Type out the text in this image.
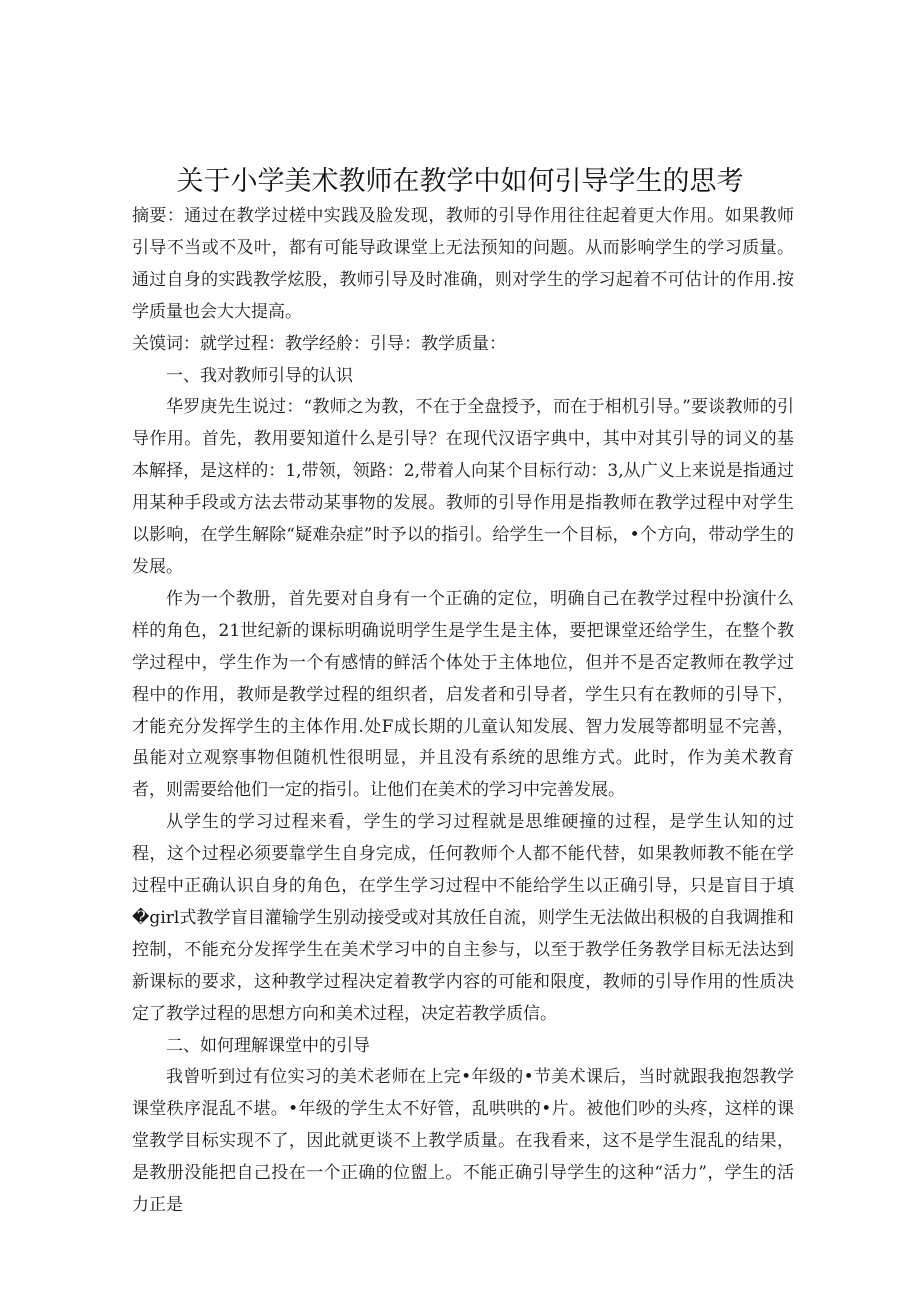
关于小学美术教师在教学中如何引导学生的思考

摘要：通过在教学过槎中实践及脸发现，教师的引导作用往往起着更大作用。如果教师引导不当或不及叶，都有可能导政课堂上无法预知的问题。从而影响学生的学习质量。通过自身的实践教学炫股，教师引导及时准确，则对学生的学习起着不可估计的作用.按学质量也会大大提高。

关馍词：就学过程：教学经舲：引导：教学质量：

一、我对教师引导的认识

华罗庚先生说过：“教师之为教，不在于全盘授予，而在于相机引导。”要谈教师的引导作用。首先，教用要知道什么是引导？在现代汉语字典中，其中对其引导的词义的基本解择，是这样的：1,带领，领路：2,带着人向某个目标行动：3,从广义上来说是指通过用某种手段或方法去带动某事物的发展。教师的引导作用是指教师在教学过程中对学生以影响，在学生解除“疑难杂症”时予以的指引。给学生一个目标，•个方向，带动学生的发展。

作为一个教册，首先要对自身有一个正确的定位，明确自己在教学过程中扮演什么样的角色，21世纪新的课标明确说明学生是学生是主体，要把课堂还给学生，在整个教学过程中，学生作为一个有感情的鲜活个体处于主体地位，但并不是否定教师在教学过程中的作用，教师是教学过程的组织者，启发者和引导者，学生只有在教师的引导下，才能充分发挥学生的主体作用.处F成长期的儿童认知发展、智力发展等都明显不完善，虽能对立观察事物但随机性很明显，并且没有系统的思维方式。此时，作为美术教育者，则需要给他们一定的指引。让他们在美术的学习中完善发展。

从学生的学习过程来看，学生的学习过程就是思维硬撞的过程，是学生认知的过程，这个过程必须要靠学生自身完成，任何教师个人都不能代替，如果教师教不能在学过程中正确认识自身的角色，在学生学习过程中不能给学生以正确引导，只是盲目于填�girl式教学盲目灌输学生别动接受或对其放任自流，则学生无法做出积极的自我调推和控制，不能充分发挥学生在美术学习中的自主参与，以至于教学任务教学目标无法达到新课标的要求，这种教学过程决定着教学内容的可能和限度，教师的引导作用的性质决定了教学过程的思想方向和美术过程，决定若教学质信。

二、如何理解课堂中的引导

我曾听到过有位实习的美术老师在上完•年级的•节美术课后，当时就跟我抱怨教学课堂秩序混乱不堪。•年级的学生太不好管，乱哄哄的•片。被他们吵的头疼，这样的课堂教学目标实现不了，因此就更谈不上教学质量。在我看来，这不是学生混乱的结果，是教册没能把自己投在一个正确的位盥上。不能正确引导学生的这种“活力”，学生的活力正是
